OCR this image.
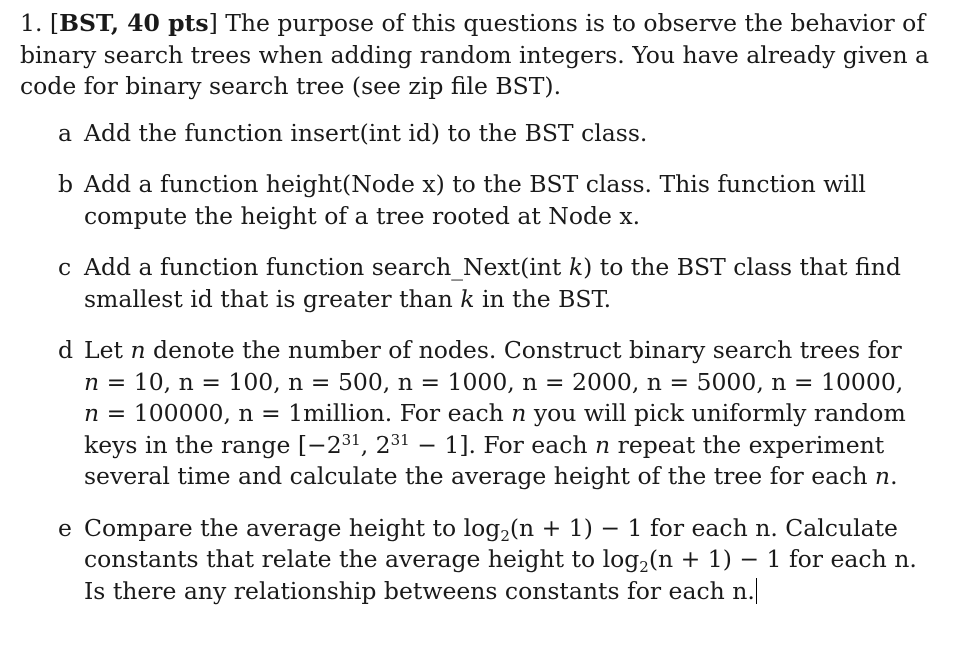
1. [BST, 40 pts] The purpose of this questions is to observe the behavior of
binary search trees when adding random integers. You have already given a
code for binary search tree (see zip file BST).
a Add the function insert(int id) to the BST class.
b Add a function height(Node x) to the BST class. This function will
compute the height of a tree rooted at Node x.
c Add a function function search_Next(int k) to the BST class that find
smallest id that is greater than k in the BST.
d Let n denote the number of nodes. Construct binary search trees for
n = 10, n = 100, n = 500, n = 1000, n = 2000, n = 5000, n = 10000,
n = 100000, n = 1million. For each n you will pick uniformly random
keys in the range [$-2^{31}$, $2^{31} - 1$]. For each n repeat the experiment
several time and calculate the average height of the tree for each n.
e Compare the average height to $\log_2(n + 1) - 1$ for each n. Calculate
constants that relate the average height to $\log_2(n + 1) - 1$ for each n.
Is there any relationship betweens constants for each n.
